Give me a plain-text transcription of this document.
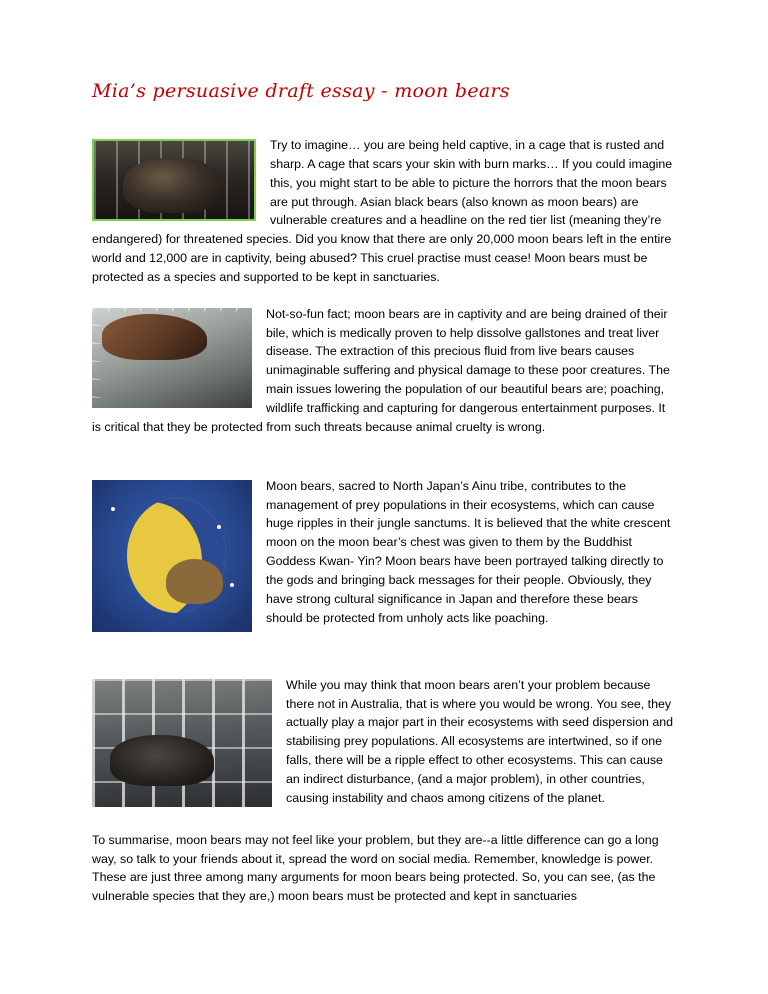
Mia’s persuasive draft essay - moon bears

Try to imagine… you are being held captive, in a cage that is rusted and sharp. A cage that scars your skin with burn marks… If you could imagine this, you might start to be able to picture the horrors that the moon bears are put through. Asian black bears (also known as moon bears) are vulnerable creatures and a headline on the red tier list (meaning they’re endangered) for threatened species. Did you know that there are only 20,000 moon bears left in the entire world and 12,000 are in captivity, being abused? This cruel practise must cease! Moon bears must be protected as a species and supported to be kept in sanctuaries.

Not-so-fun fact; moon bears are in captivity and are being drained of their bile, which is medically proven to help dissolve gallstones and treat liver disease. The extraction of this precious fluid from live bears causes unimaginable suffering and physical damage to these poor creatures. The main issues lowering the population of our beautiful bears are; poaching, wildlife trafficking and capturing for dangerous entertainment purposes. It is critical that they be protected from such threats because animal cruelty is wrong.

Moon bears, sacred to North Japan’s Ainu tribe, contributes to the management of prey populations in their ecosystems, which can cause huge ripples in their jungle sanctums. It is believed that the white crescent moon on the moon bear’s chest was given to them by the Buddhist Goddess Kwan- Yin? Moon bears have been portrayed talking directly to the gods and bringing back messages for their people. Obviously, they have strong cultural significance in Japan and therefore these bears should be protected from unholy acts like poaching.

While you may think that moon bears aren’t your problem because there not in Australia, that is where you would be wrong. You see, they actually play a major part in their ecosystems with seed dispersion and stabilising prey populations. All ecosystems are intertwined, so if one falls, there will be a ripple effect to other ecosystems. This can cause an indirect disturbance, (and a major problem), in other countries, causing instability and chaos among citizens of the planet.

To summarise, moon bears may not feel like your problem, but they are--a little difference can go a long way, so talk to your friends about it, spread the word on social media. Remember, knowledge is power. These are just three among many arguments for moon bears being protected. So, you can see, (as the vulnerable species that they are,) moon bears must be protected and kept in sanctuaries
